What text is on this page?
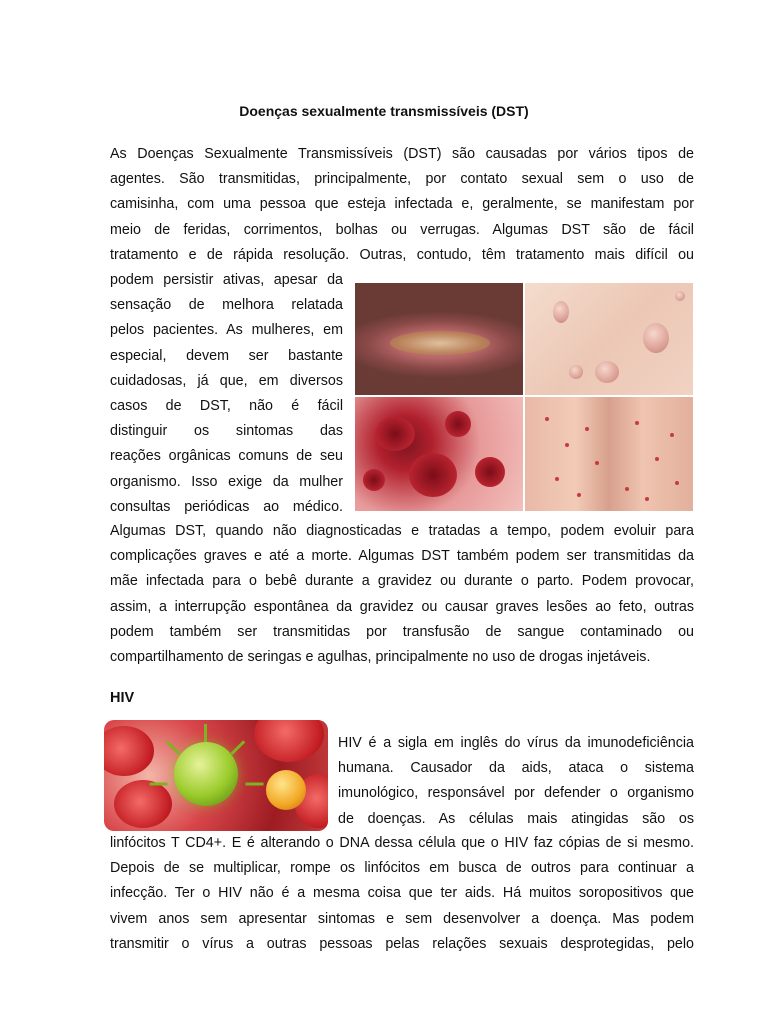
Doenças sexualmente transmissíveis (DST)

As Doenças Sexualmente Transmissíveis (DST) são causadas por vários tipos de

agentes. São transmitidas, principalmente, por contato sexual sem o uso de

camisinha, com uma pessoa que esteja infectada e, geralmente, se manifestam por

meio de feridas, corrimentos, bolhas ou verrugas. Algumas DST são de fácil

tratamento e de rápida resolução. Outras, contudo, têm tratamento mais difícil ou

podem persistir ativas, apesar da

sensação de melhora relatada

pelos pacientes. As mulheres, em

especial, devem ser bastante

cuidadosas, já que, em diversos

casos de DST, não é fácil

distinguir os sintomas das

reações orgânicas comuns de seu

organismo. Isso exige da mulher

consultas periódicas ao médico.

Algumas DST, quando não diagnosticadas e tratadas a tempo, podem evoluir para

complicações graves e até a morte. Algumas DST também podem ser transmitidas da

mãe infectada para o bebê durante a gravidez ou durante o parto. Podem provocar,

assim, a interrupção espontânea da gravidez ou causar graves lesões ao feto, outras

podem também ser transmitidas por transfusão de sangue contaminado ou

compartilhamento de seringas e agulhas, principalmente no uso de drogas injetáveis.

HIV

HIV é a sigla em inglês do vírus da imunodeficiência

humana. Causador da aids, ataca o sistema

imunológico, responsável por defender o organismo

de doenças. As células mais atingidas são os

linfócitos T CD4+. E é alterando o DNA dessa célula que o HIV faz cópias de si mesmo.

Depois de se multiplicar, rompe os linfócitos em busca de outros para continuar a

infecção. Ter o HIV não é a mesma coisa que ter aids. Há muitos soropositivos que

vivem anos sem apresentar sintomas e sem desenvolver a doença. Mas podem

transmitir o vírus a outras pessoas pelas relações sexuais desprotegidas, pelo
